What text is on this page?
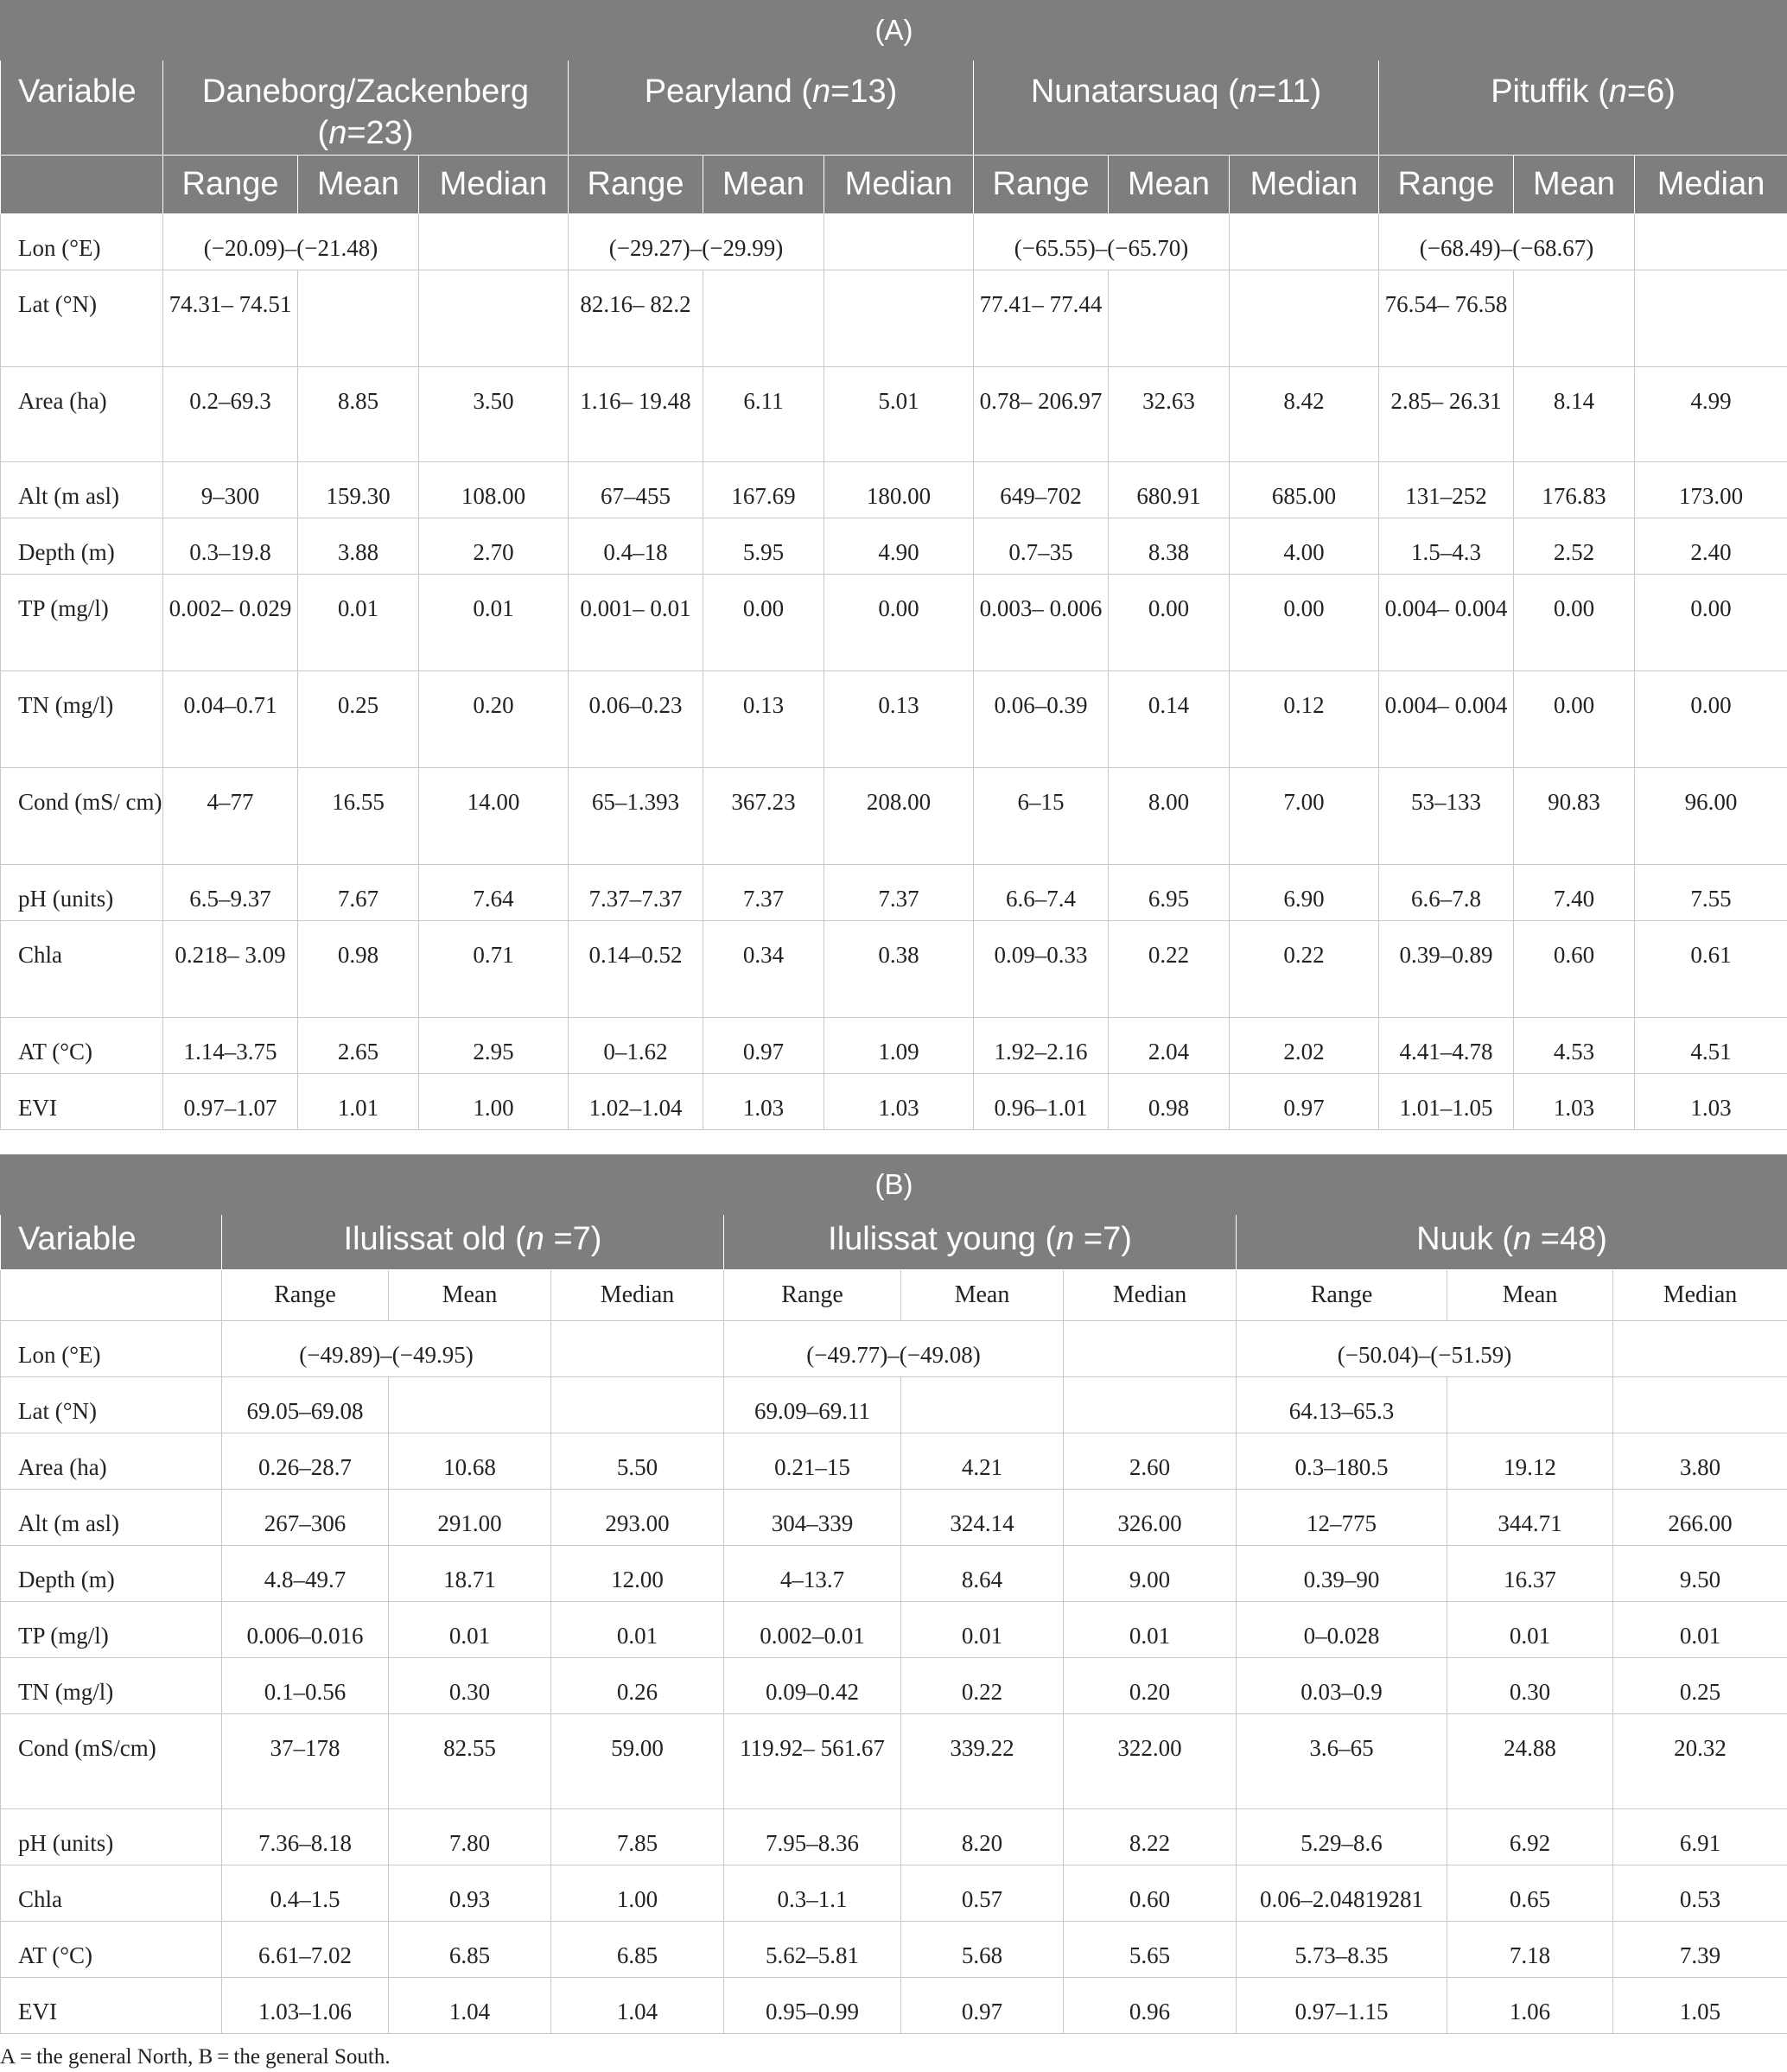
(A)												
Variable	Daneborg/Zackenberg (n=23)			Pearyland (n=13)			Nunatarsuaq (n=11)			Pituffik (n=6)		
	Range	Mean	Median	Range	Mean	Median	Range	Mean	Median	Range	Mean	Median
Lon (°E)	(−20.09)–(−21.48)			(−29.27)–(−29.99)			(−65.55)–(−65.70)			(−68.49)–(−68.67)		
Lat (°N)	74.31– 74.51			82.16– 82.2			77.41– 77.44			76.54– 76.58		
Area (ha)	0.2–69.3	8.85	3.50	1.16– 19.48	6.11	5.01	0.78– 206.97	32.63	8.42	2.85– 26.31	8.14	4.99
Alt (m asl)	9–300	159.30	108.00	67–455	167.69	180.00	649–702	680.91	685.00	131–252	176.83	173.00
Depth (m)	0.3–19.8	3.88	2.70	0.4–18	5.95	4.90	0.7–35	8.38	4.00	1.5–4.3	2.52	2.40
TP (mg/l)	0.002– 0.029	0.01	0.01	0.001– 0.01	0.00	0.00	0.003– 0.006	0.00	0.00	0.004– 0.004	0.00	0.00
TN (mg/l)	0.04–0.71	0.25	0.20	0.06–0.23	0.13	0.13	0.06–0.39	0.14	0.12	0.004– 0.004	0.00	0.00
Cond (mS/ cm)	4–77	16.55	14.00	65–1.393	367.23	208.00	6–15	8.00	7.00	53–133	90.83	96.00
pH (units)	6.5–9.37	7.67	7.64	7.37–7.37	7.37	7.37	6.6–7.4	6.95	6.90	6.6–7.8	7.40	7.55
Chla	0.218– 3.09	0.98	0.71	0.14–0.52	0.34	0.38	0.09–0.33	0.22	0.22	0.39–0.89	0.60	0.61
AT (°C)	1.14–3.75	2.65	2.95	0–1.62	0.97	1.09	1.92–2.16	2.04	2.02	4.41–4.78	4.53	4.51
EVI	0.97–1.07	1.01	1.00	1.02–1.04	1.03	1.03	0.96–1.01	0.98	0.97	1.01–1.05	1.03	1.03
(B)									
Variable	Ilulissat old (n =7)			Ilulissat young (n =7)			Nuuk (n =48)		
	Range	Mean	Median	Range	Mean	Median	Range	Mean	Median
Lon (°E)	(−49.89)–(−49.95)			(−49.77)–(−49.08)			(−50.04)–(−51.59)		
Lat (°N)	69.05–69.08			69.09–69.11			64.13–65.3		
Area (ha)	0.26–28.7	10.68	5.50	0.21–15	4.21	2.60	0.3–180.5	19.12	3.80
Alt (m asl)	267–306	291.00	293.00	304–339	324.14	326.00	12–775	344.71	266.00
Depth (m)	4.8–49.7	18.71	12.00	4–13.7	8.64	9.00	0.39–90	16.37	9.50
TP (mg/l)	0.006–0.016	0.01	0.01	0.002–0.01	0.01	0.01	0–0.028	0.01	0.01
TN (mg/l)	0.1–0.56	0.30	0.26	0.09–0.42	0.22	0.20	0.03–0.9	0.30	0.25
Cond (mS/cm)	37–178	82.55	59.00	119.92– 561.67	339.22	322.00	3.6–65	24.88	20.32
pH (units)	7.36–8.18	7.80	7.85	7.95–8.36	8.20	8.22	5.29–8.6	6.92	6.91
Chla	0.4–1.5	0.93	1.00	0.3–1.1	0.57	0.60	0.06–2.04819281	0.65	0.53
AT (°C)	6.61–7.02	6.85	6.85	5.62–5.81	5.68	5.65	5.73–8.35	7.18	7.39
EVI	1.03–1.06	1.04	1.04	0.95–0.99	0.97	0.96	0.97–1.15	1.06	1.05
A = the general North, B = the general South.
